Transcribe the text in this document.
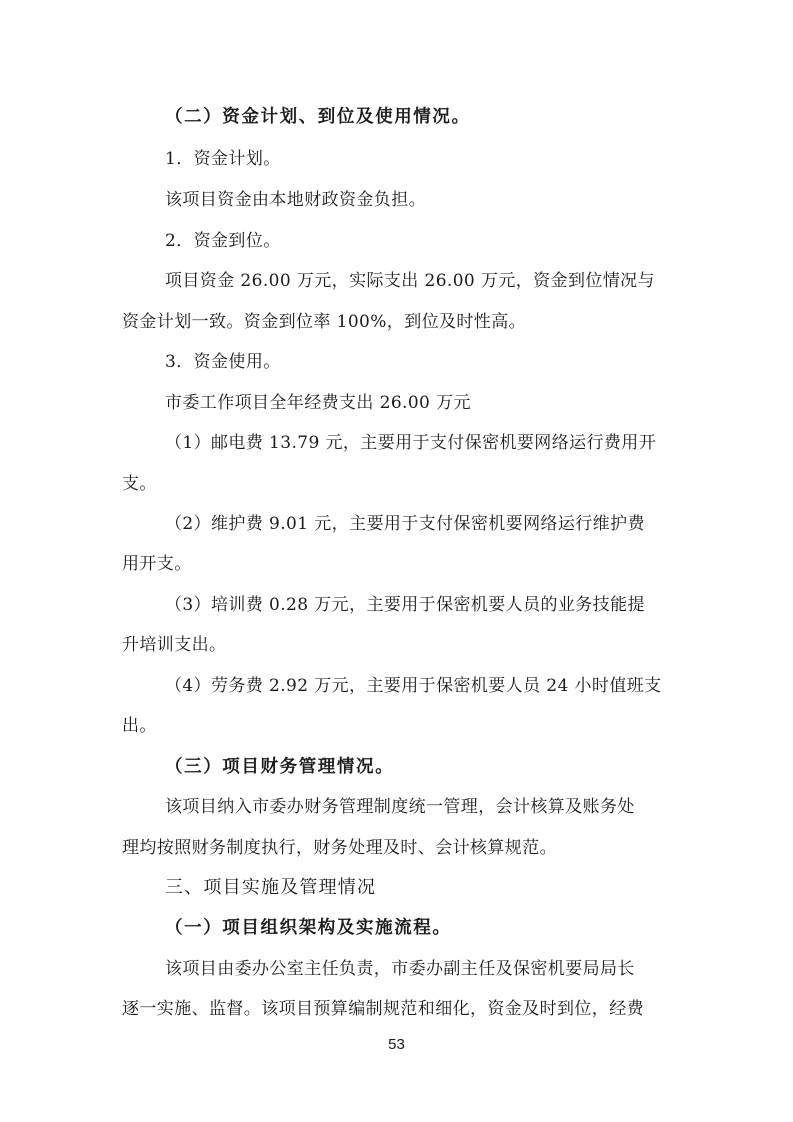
（二）资金计划、到位及使用情况。
1．资金计划。
该项目资金由本地财政资金负担。
2．资金到位。
项目资金 26.00 万元，实际支出 26.00 万元，资金到位情况与
资金计划一致。资金到位率 100%，到位及时性高。
3．资金使用。
市委工作项目全年经费支出 26.00 万元
（1）邮电费 13.79 元，主要用于支付保密机要网络运行费用开
支。
（2）维护费 9.01 元，主要用于支付保密机要网络运行维护费
用开支。
（3）培训费 0.28 万元，主要用于保密机要人员的业务技能提
升培训支出。
（4）劳务费 2.92 万元，主要用于保密机要人员 24 小时值班支
出。
（三）项目财务管理情况。
该项目纳入市委办财务管理制度统一管理，会计核算及账务处
理均按照财务制度执行，财务处理及时、会计核算规范。
三、项目实施及管理情况
（一）项目组织架构及实施流程。
该项目由委办公室主任负责，市委办副主任及保密机要局局长
逐一实施、监督。该项目预算编制规范和细化，资金及时到位，经费
53
